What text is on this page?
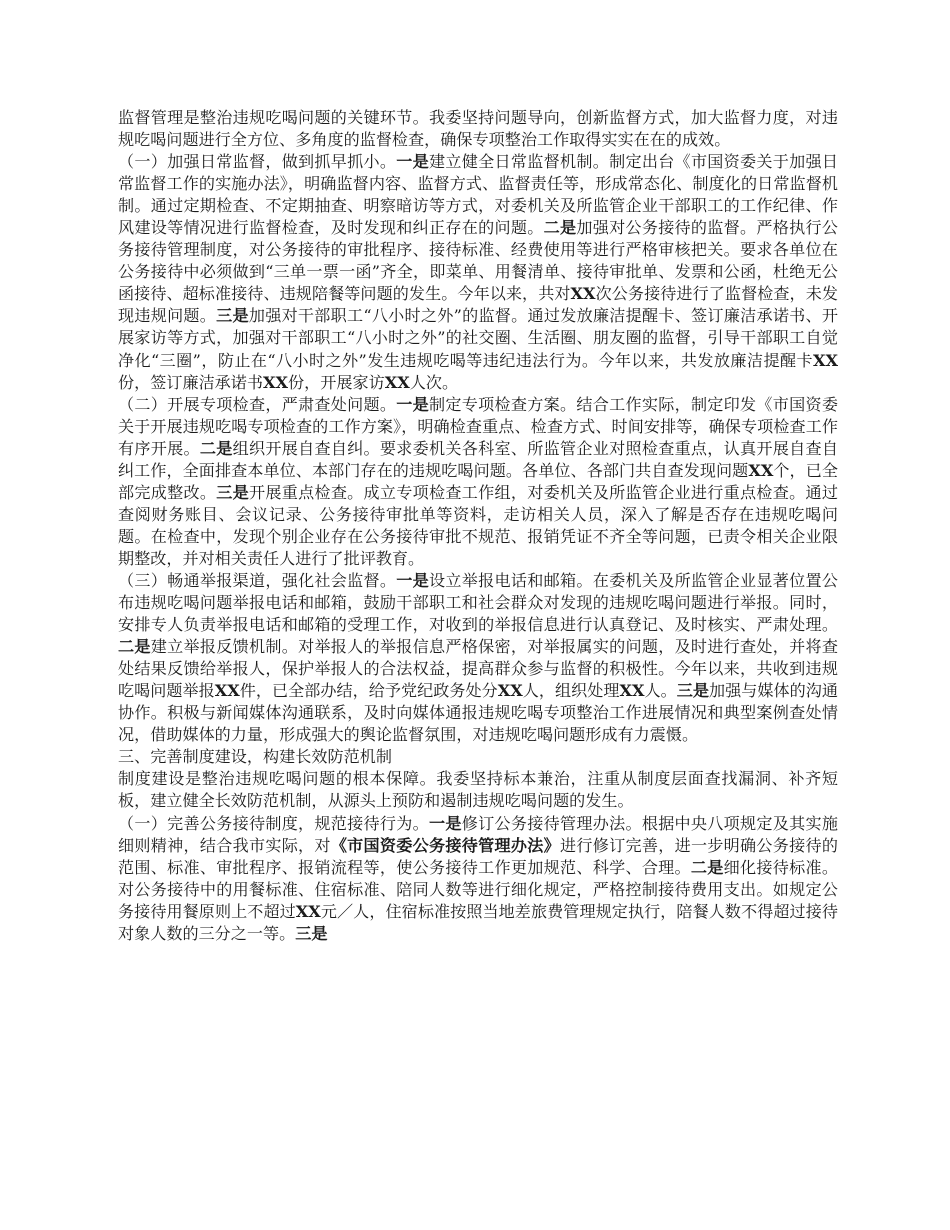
监督管理是整治违规吃喝问题的关键环节。我委坚持问题导向，创新监督方式，加大监督力度，对违规吃喝问题进行全方位、多角度的监督检查，确保专项整治工作取得实实在在的成效。

（一）加强日常监督，做到抓早抓小。一是建立健全日常监督机制。制定出台《市国资委关于加强日常监督工作的实施办法》，明确监督内容、监督方式、监督责任等，形成常态化、制度化的日常监督机制。通过定期检查、不定期抽查、明察暗访等方式，对委机关及所监管企业干部职工的工作纪律、作风建设等情况进行监督检查，及时发现和纠正存在的问题。二是加强对公务接待的监督。严格执行公务接待管理制度，对公务接待的审批程序、接待标准、经费使用等进行严格审核把关。要求各单位在公务接待中必须做到“三单一票一函”齐全，即菜单、用餐清单、接待审批单、发票和公函，杜绝无公函接待、超标准接待、违规陪餐等问题的发生。今年以来，共对XX次公务接待进行了监督检查，未发现违规问题。三是加强对干部职工“八小时之外”的监督。通过发放廉洁提醒卡、签订廉洁承诺书、开展家访等方式，加强对干部职工“八小时之外”的社交圈、生活圈、朋友圈的监督，引导干部职工自觉净化“三圈”，防止在“八小时之外”发生违规吃喝等违纪违法行为。今年以来，共发放廉洁提醒卡XX份，签订廉洁承诺书XX份，开展家访XX人次。

（二）开展专项检查，严肃查处问题。一是制定专项检查方案。结合工作实际，制定印发《市国资委关于开展违规吃喝专项检查的工作方案》，明确检查重点、检查方式、时间安排等，确保专项检查工作有序开展。二是组织开展自查自纠。要求委机关各科室、所监管企业对照检查重点，认真开展自查自纠工作，全面排查本单位、本部门存在的违规吃喝问题。各单位、各部门共自查发现问题XX个，已全部完成整改。三是开展重点检查。成立专项检查工作组，对委机关及所监管企业进行重点检查。通过查阅财务账目、会议记录、公务接待审批单等资料，走访相关人员，深入了解是否存在违规吃喝问题。在检查中，发现个别企业存在公务接待审批不规范、报销凭证不齐全等问题，已责令相关企业限期整改，并对相关责任人进行了批评教育。

（三）畅通举报渠道，强化社会监督。一是设立举报电话和邮箱。在委机关及所监管企业显著位置公布违规吃喝问题举报电话和邮箱，鼓励干部职工和社会群众对发现的违规吃喝问题进行举报。同时，安排专人负责举报电话和邮箱的受理工作，对收到的举报信息进行认真登记、及时核实、严肃处理。二是建立举报反馈机制。对举报人的举报信息严格保密，对举报属实的问题，及时进行查处，并将查处结果反馈给举报人，保护举报人的合法权益，提高群众参与监督的积极性。今年以来，共收到违规吃喝问题举报XX件，已全部办结，给予党纪政务处分XX人，组织处理XX人。三是加强与媒体的沟通协作。积极与新闻媒体沟通联系，及时向媒体通报违规吃喝专项整治工作进展情况和典型案例查处情况，借助媒体的力量，形成强大的舆论监督氛围，对违规吃喝问题形成有力震慑。

三、完善制度建设，构建长效防范机制

制度建设是整治违规吃喝问题的根本保障。我委坚持标本兼治，注重从制度层面查找漏洞、补齐短板，建立健全长效防范机制，从源头上预防和遏制违规吃喝问题的发生。

（一）完善公务接待制度，规范接待行为。一是修订公务接待管理办法。根据中央八项规定及其实施细则精神，结合我市实际，对《市国资委公务接待管理办法》进行修订完善，进一步明确公务接待的范围、标准、审批程序、报销流程等，使公务接待工作更加规范、科学、合理。二是细化接待标准。对公务接待中的用餐标准、住宿标准、陪同人数等进行细化规定，严格控制接待费用支出。如规定公务接待用餐原则上不超过XX元／人，住宿标准按照当地差旅费管理规定执行，陪餐人数不得超过接待对象人数的三分之一等。三是
